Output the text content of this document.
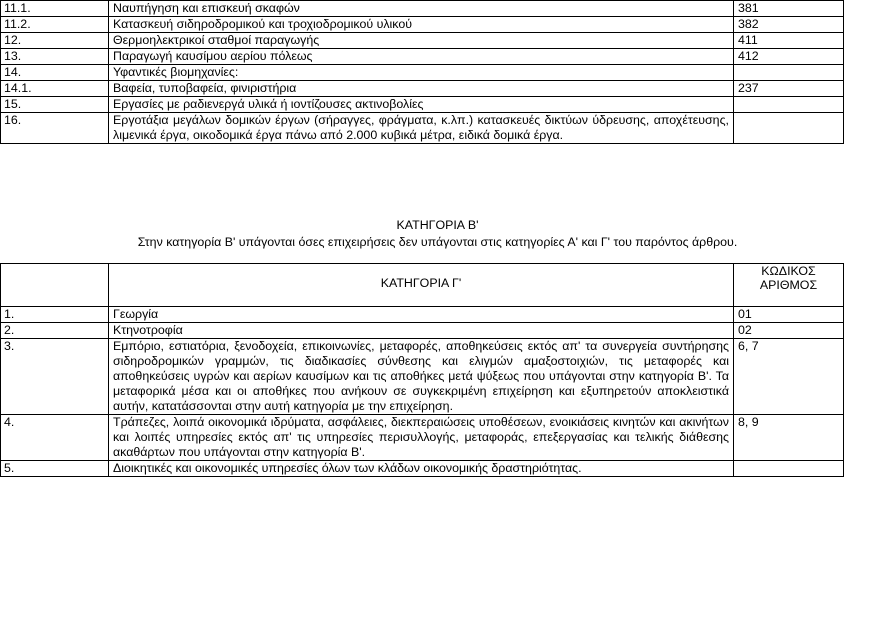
11.1.	Ναυπήγηση και επισκευή σκαφών	381
11.2.	Κατασκευή σιδηροδρομικού και τροχιοδρομικού υλικού	382
12.	Θερμοηλεκτρικοί σταθμοί παραγωγής	411
13.	Παραγωγή καυσίμου αερίου πόλεως	412
14.	Υφαντικές βιομηχανίες:	
14.1.	Βαφεία, τυποβαφεία, φινιριστήρια	237
15.	Εργασίες με ραδιενεργά υλικά ή ιοντίζουσες ακτινοβολίες	
16.	Εργοτάξια μεγάλων δομικών έργων (σήραγγες, φράγματα, κ.λπ.) κατασκευές δικτύων ύδρευσης, αποχέτευσης, λιμενικά έργα, οικοδομικά έργα πάνω από 2.000 κυβικά μέτρα, ειδικά δομικά έργα.	
ΚΑΤΗΓΟΡΙΑ Β'
Στην κατηγορία Β' υπάγονται όσες επιχειρήσεις δεν υπάγονται στις κατηγορίες Α' και Γ' του παρόντος άρθρου.
	ΚΑΤΗΓΟΡΙΑ Γ'	ΚΩΔΙΚΟΣ
ΑΡΙΘΜΟΣ

1.	Γεωργία	01
2.	Κτηνοτροφία	02
3.	Εμπόριο, εστιατόρια, ξενοδοχεία, επικοινωνίες, μεταφορές, αποθηκεύσεις εκτός απ' τα συνεργεία συντήρησης σιδηροδρομικών γραμμών, τις διαδικασίες σύνθεσης και ελιγμών αμαξοστοιχιών, τις μεταφορές και αποθηκεύσεις υγρών και αερίων καυσίμων και τις αποθήκες μετά ψύξεως που υπάγονται στην κατηγορία Β'. Τα μεταφορικά μέσα και οι αποθήκες που ανήκουν σε συγκεκριμένη επιχείρηση και εξυπηρετούν αποκλειστικά αυτήν, κατατάσσονται στην αυτή κατηγορία με την επιχείρηση.	6, 7
4.	Τράπεζες, λοιπά οικονομικά ιδρύματα, ασφάλειες, διεκπεραιώσεις υποθέσεων, ενοικιάσεις κινητών και ακινήτων και λοιπές υπηρεσίες εκτός απ' τις υπηρεσίες περισυλλογής, μεταφοράς, επεξεργασίας και τελικής διάθεσης ακαθάρτων που υπάγονται στην κατηγορία Β'.	8, 9
5.	Διοικητικές και οικονομικές υπηρεσίες όλων των κλάδων οικονομικής δραστηριότητας.	
